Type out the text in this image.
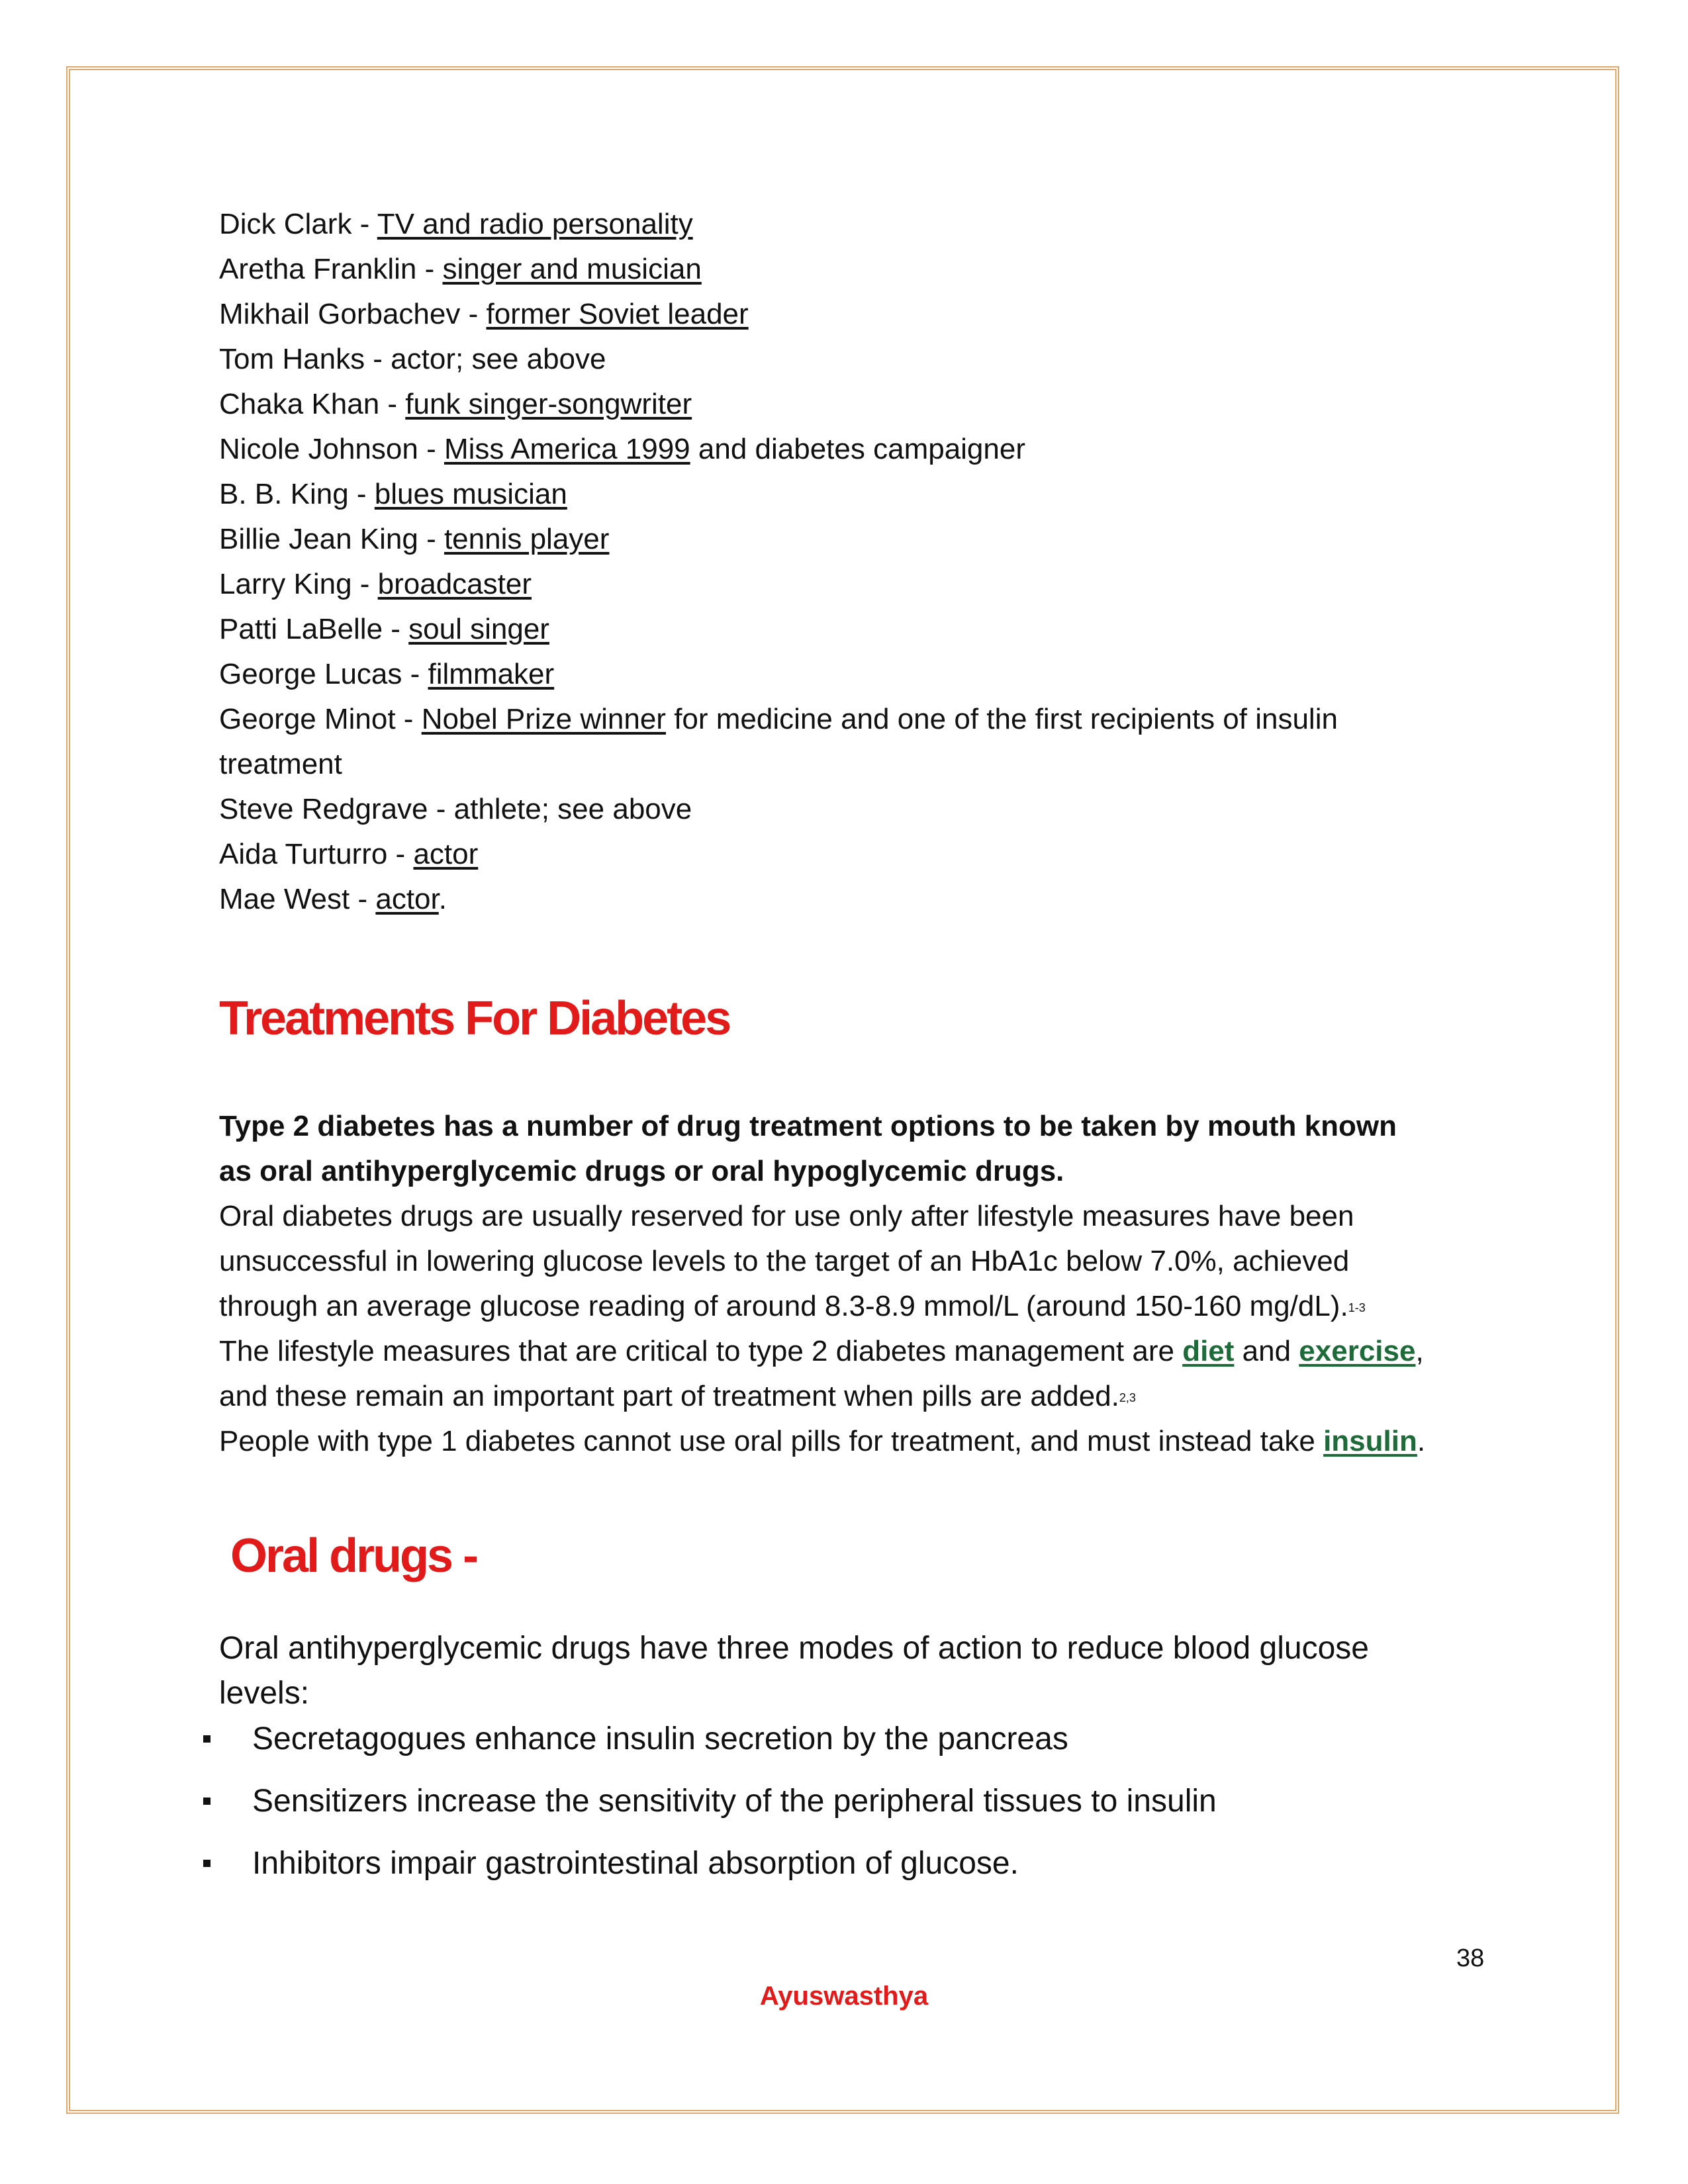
Dick Clark - TV and radio personality
Aretha Franklin - singer and musician
Mikhail Gorbachev - former Soviet leader
Tom Hanks - actor; see above
Chaka Khan - funk singer-songwriter
Nicole Johnson - Miss America 1999 and diabetes campaigner
B. B. King - blues musician
Billie Jean King - tennis player
Larry King - broadcaster
Patti LaBelle - soul singer
George Lucas - filmmaker
George Minot - Nobel Prize winner for medicine and one of the first recipients of insulin
treatment
Steve Redgrave - athlete; see above
Aida Turturro - actor
Mae West - actor.
Treatments For Diabetes
Type 2 diabetes has a number of drug treatment options to be taken by mouth known
as oral antihyperglycemic drugs or oral hypoglycemic drugs.
Oral diabetes drugs are usually reserved for use only after lifestyle measures have been
unsuccessful in lowering glucose levels to the target of an HbA1c below 7.0%, achieved
through an average glucose reading of around 8.3-8.9 mmol/L (around 150-160 mg/dL).$^{1-3}$
The lifestyle measures that are critical to type 2 diabetes management are diet and exercise,
and these remain an important part of treatment when pills are added.$^{2,3}$
People with type 1 diabetes cannot use oral pills for treatment, and must instead take insulin.
Oral drugs -
Oral antihyperglycemic drugs have three modes of action to reduce blood glucose
levels:
Secretagogues enhance insulin secretion by the pancreas
Sensitizers increase the sensitivity of the peripheral tissues to insulin
Inhibitors impair gastrointestinal absorption of glucose.
38
Ayuswasthya
